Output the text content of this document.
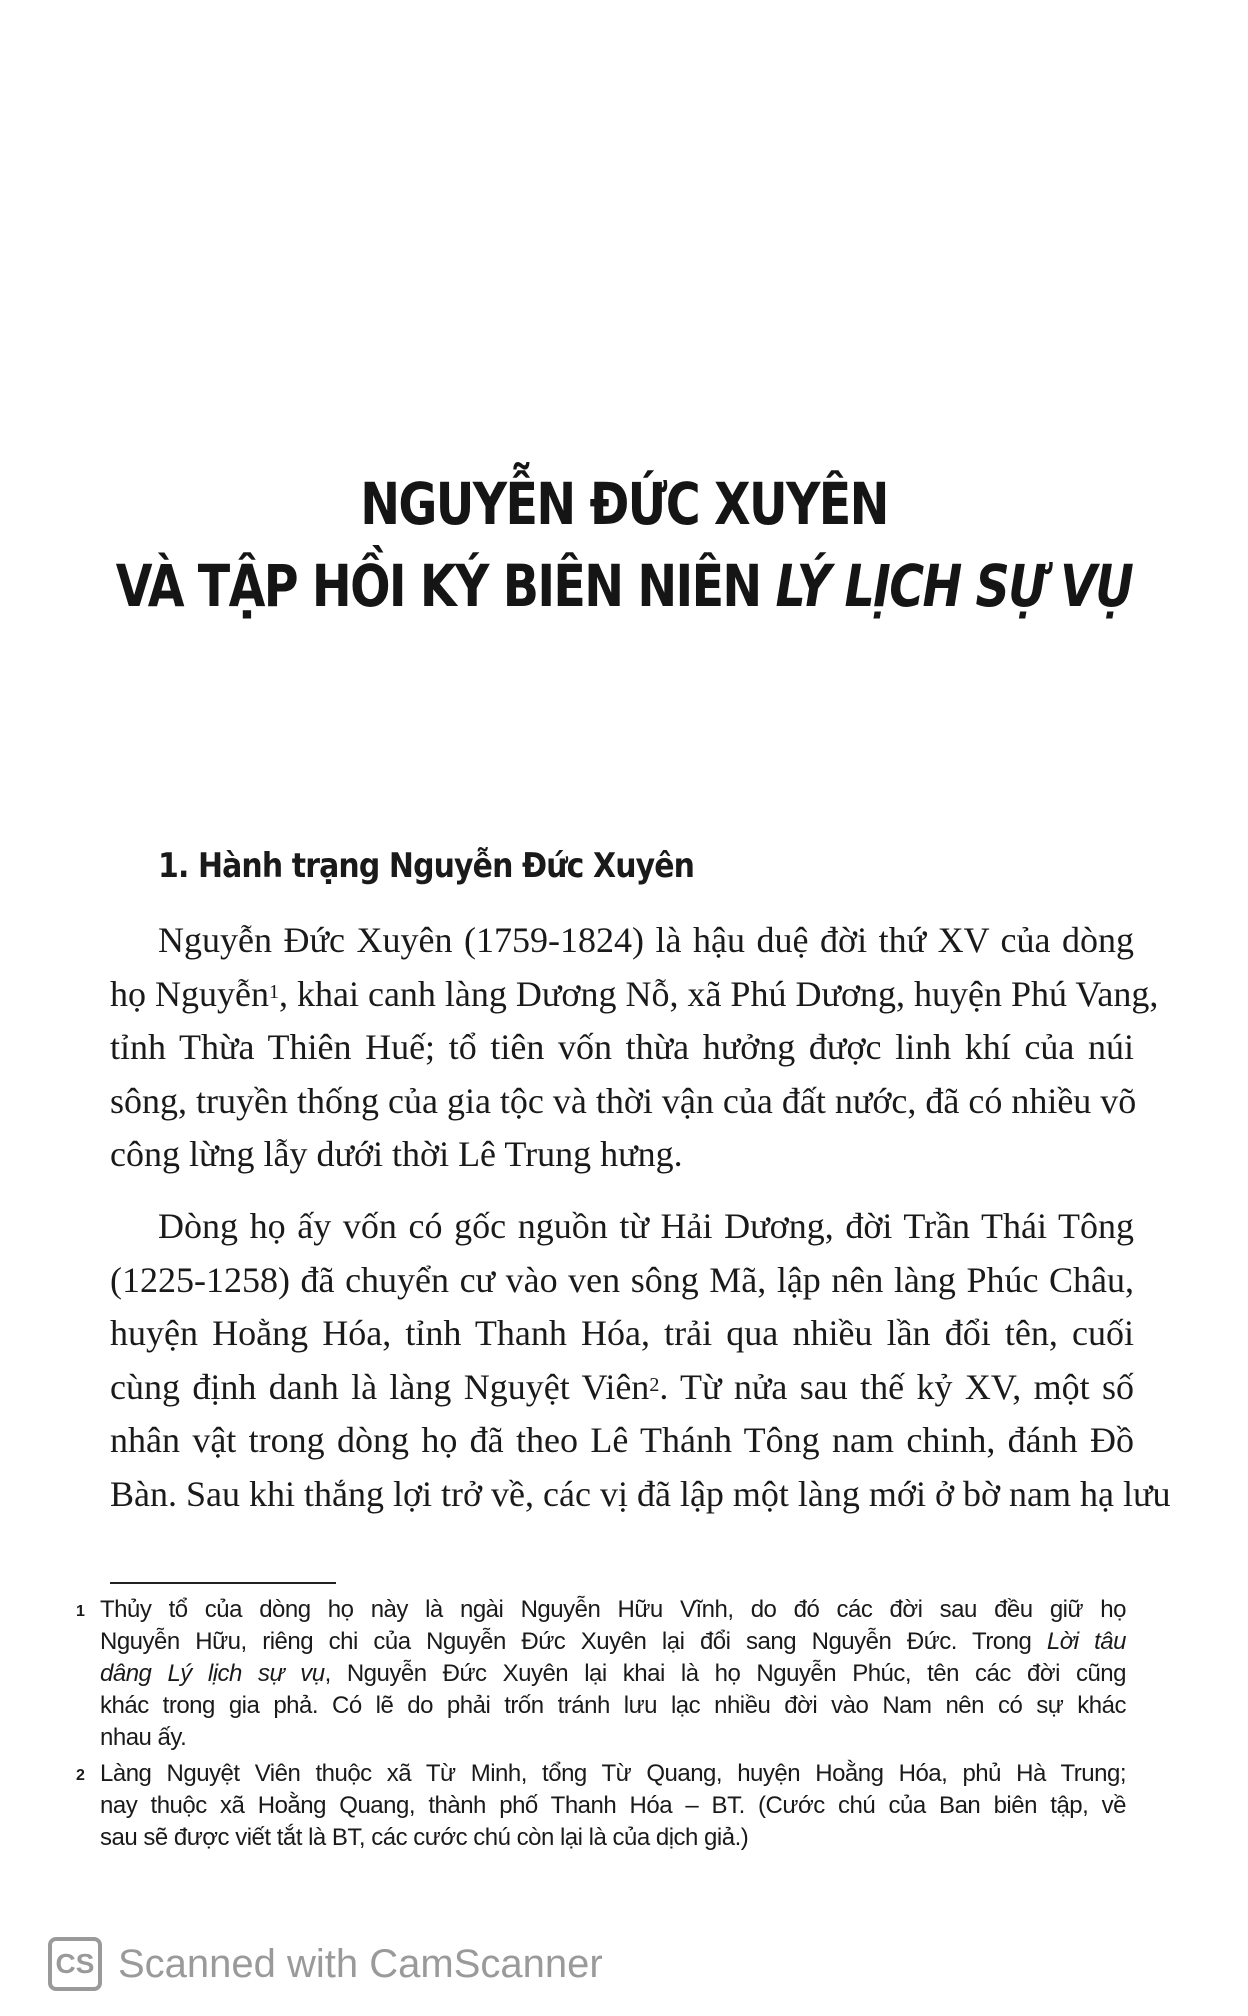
NGUYỄN ĐỨC XUYÊN
VÀ TẬP HỒI KÝ BIÊN NIÊN LÝ LỊCH SỰ VỤ
1. Hành trạng Nguyễn Đức Xuyên
Nguyễn Đức Xuyên (1759-1824) là hậu duệ đời thứ XV của dòng
họ Nguyễn$^1$, khai canh làng Dương Nỗ, xã Phú Dương, huyện Phú Vang,
tỉnh Thừa Thiên Huế; tổ tiên vốn thừa hưởng được linh khí của núi
sông, truyền thống của gia tộc và thời vận của đất nước, đã có nhiều võ
công lừng lẫy dưới thời Lê Trung hưng.
Dòng họ ấy vốn có gốc nguồn từ Hải Dương, đời Trần Thái Tông
(1225-1258) đã chuyển cư vào ven sông Mã, lập nên làng Phúc Châu,
huyện Hoằng Hóa, tỉnh Thanh Hóa, trải qua nhiều lần đổi tên, cuối
cùng định danh là làng Nguyệt Viên$^2$. Từ nửa sau thế kỷ XV, một số
nhân vật trong dòng họ đã theo Lê Thánh Tông nam chinh, đánh Đồ
Bàn. Sau khi thắng lợi trở về, các vị đã lập một làng mới ở bờ nam hạ lưu
1 Thủy tổ của dòng họ này là ngài Nguyễn Hữu Vĩnh, do đó các đời sau đều giữ họ
Nguyễn Hữu, riêng chi của Nguyễn Đức Xuyên lại đổi sang Nguyễn Đức. Trong Lời tâu
dâng Lý lịch sự vụ, Nguyễn Đức Xuyên lại khai là họ Nguyễn Phúc, tên các đời cũng
khác trong gia phả. Có lẽ do phải trốn tránh lưu lạc nhiều đời vào Nam nên có sự khác
nhau ấy.
2 Làng Nguyệt Viên thuộc xã Từ Minh, tổng Từ Quang, huyện Hoằng Hóa, phủ Hà Trung;
nay thuộc xã Hoằng Quang, thành phố Thanh Hóa – BT. (Cước chú của Ban biên tập, về
sau sẽ được viết tắt là BT, các cước chú còn lại là của dịch giả.)
CS Scanned with CamScanner
